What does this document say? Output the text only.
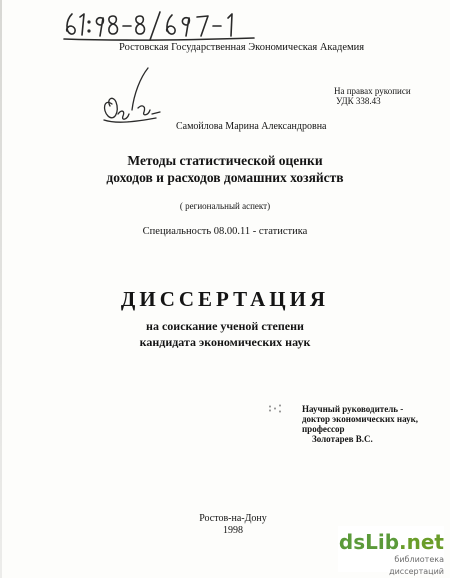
Ростовская Государственная Экономическая Академия
На правах рукописи
УДК 338.43
Самойлова Марина Александровна
Методы статистической оценки
доходов и расходов домашних хозяйств
( региональный аспект)
Специальность 08.00.11 - статистика
ДИССЕРТАЦИЯ
на соискание ученой степени
кандидата экономических наук
Научный руководитель -
доктор экономических наук,
профессор
Золотарев В.С.
Ростов-на-Дону
1998	dsLib.net
библиотека диссертаций
